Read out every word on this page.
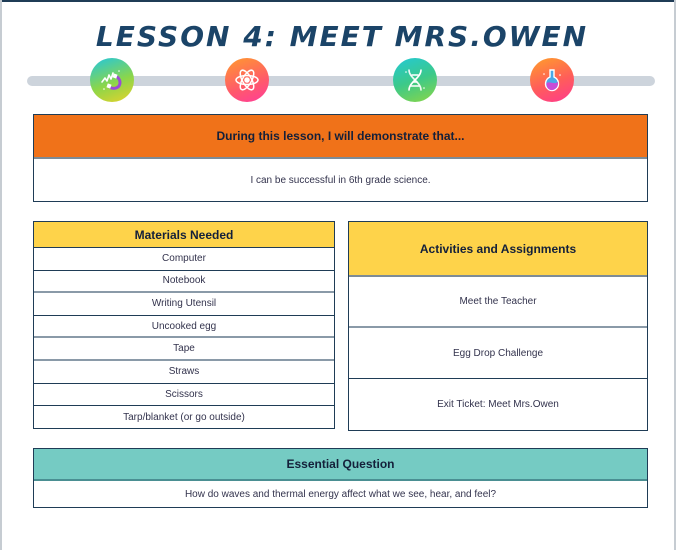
LESSON 4: MEET MRS.OWEN
During this lesson, I will demonstrate that...
I can be successful in 6th grade science.
Materials Needed
Computer
Notebook
Writing Utensil
Uncooked egg
Tape
Straws
Scissors
Tarp/blanket (or go outside)
Activities and Assignments
Meet the Teacher
Egg Drop Challenge
Exit Ticket: Meet Mrs.Owen
Essential Question
How do waves and thermal energy affect what we see, hear, and feel?
